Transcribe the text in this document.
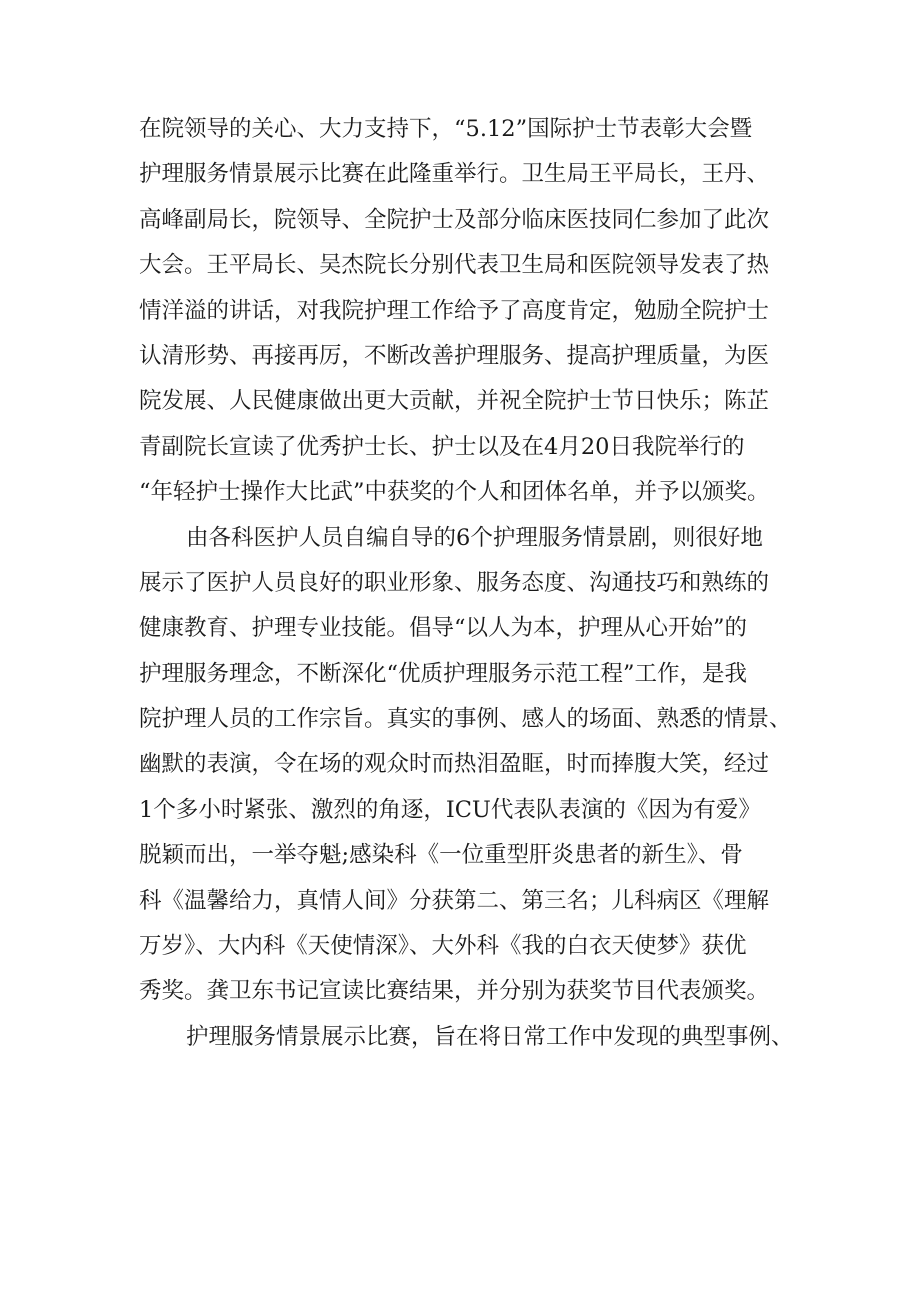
在院领导的关心、大力支持下，“5.12”国际护士节表彰大会暨
护理服务情景展示比赛在此隆重举行。卫生局王平局长，王丹、
高峰副局长，院领导、全院护士及部分临床医技同仁参加了此次
大会。王平局长、吴杰院长分别代表卫生局和医院领导发表了热
情洋溢的讲话，对我院护理工作给予了高度肯定，勉励全院护士
认清形势、再接再厉，不断改善护理服务、提高护理质量，为医
院发展、人民健康做出更大贡献，并祝全院护士节日快乐；陈芷
青副院长宣读了优秀护士长、护士以及在4月20日我院举行的
“年轻护士操作大比武”中获奖的个人和团体名单，并予以颁奖。
由各科医护人员自编自导的6个护理服务情景剧，则很好地
展示了医护人员良好的职业形象、服务态度、沟通技巧和熟练的
健康教育、护理专业技能。倡导“以人为本，护理从心开始”的
护理服务理念，不断深化“优质护理服务示范工程”工作，是我
院护理人员的工作宗旨。真实的事例、感人的场面、熟悉的情景、
幽默的表演，令在场的观众时而热泪盈眶，时而捧腹大笑，经过
1个多小时紧张、激烈的角逐，ICU代表队表演的《因为有爱》
脱颖而出，一举夺魁;感染科《一位重型肝炎患者的新生》、骨
科《温馨给力，真情人间》分获第二、第三名；儿科病区《理解
万岁》、大内科《天使情深》、大外科《我的白衣天使梦》获优
秀奖。龚卫东书记宣读比赛结果，并分别为获奖节目代表颁奖。
护理服务情景展示比赛，旨在将日常工作中发现的典型事例、
